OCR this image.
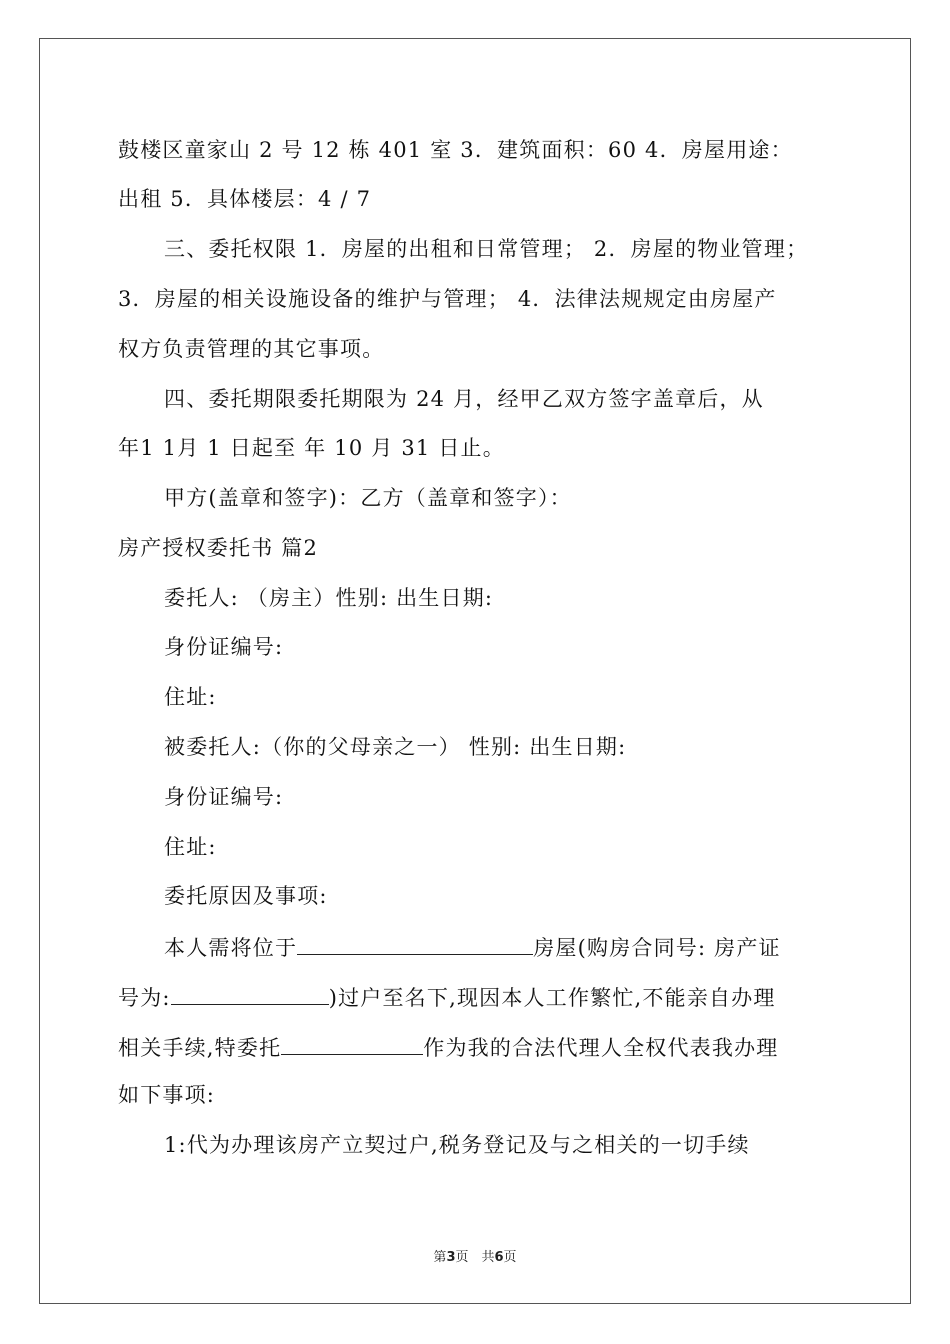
鼓楼区童家山 2 号 12 栋 401 室 3．建筑面积：60 4．房屋用途：
出租 5．具体楼层：4 / 7
三、委托权限 1．房屋的出租和日常管理； 2．房屋的物业管理；
3．房屋的相关设施设备的维护与管理； 4．法律法规规定由房屋产
权方负责管理的其它事项。
四、委托期限委托期限为 24 月，经甲乙双方签字盖章后，从
年1 1月 1 日起至 年 10 月 31 日止。
甲方(盖章和签字)：乙方（盖章和签字）：
房产授权委托书 篇2
委托人: （房主）性别: 出生日期:
身份证编号:
住址:
被委托人:（你的父母亲之一） 性别: 出生日期:
身份证编号:
住址:
委托原因及事项:
本人需将位于	房屋(购房合同号: 房产证
号为:	)过户至名下,现因本人工作繁忙,不能亲自办理
相关手续,特委托	作为我的合法代理人全权代表我办理
如下事项:
1:代为办理该房产立契过户,税务登记及与之相关的一切手续
第3页　共6页
